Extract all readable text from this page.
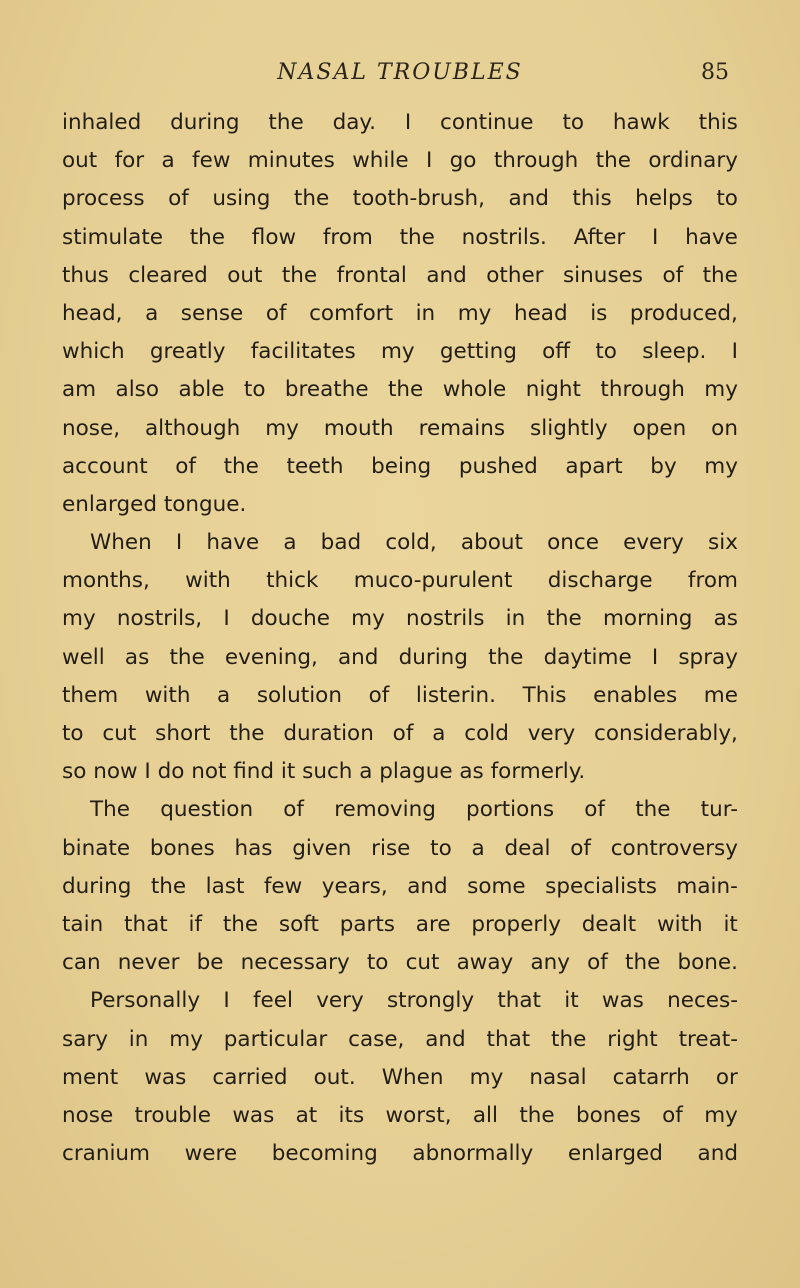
NASAL TROUBLES	85
inhaled during the day. I continue to hawk this
out for a few minutes while I go through the ordinary
process of using the tooth-brush, and this helps to
stimulate the flow from the nostrils. After I have
thus cleared out the frontal and other sinuses of the
head, a sense of comfort in my head is produced,
which greatly facilitates my getting off to sleep. I
am also able to breathe the whole night through my
nose, although my mouth remains slightly open on
account of the teeth being pushed apart by my
enlarged tongue.
When I have a bad cold, about once every six
months, with thick muco-purulent discharge from
my nostrils, I douche my nostrils in the morning as
well as the evening, and during the daytime I spray
them with a solution of listerin. This enables me
to cut short the duration of a cold very considerably,
so now I do not find it such a plague as formerly.
The question of removing portions of the tur-
binate bones has given rise to a deal of controversy
during the last few years, and some specialists main-
tain that if the soft parts are properly dealt with it
can never be necessary to cut away any of the bone.
Personally I feel very strongly that it was neces-
sary in my particular case, and that the right treat-
ment was carried out. When my nasal catarrh or
nose trouble was at its worst, all the bones of my
cranium were becoming abnormally enlarged and
